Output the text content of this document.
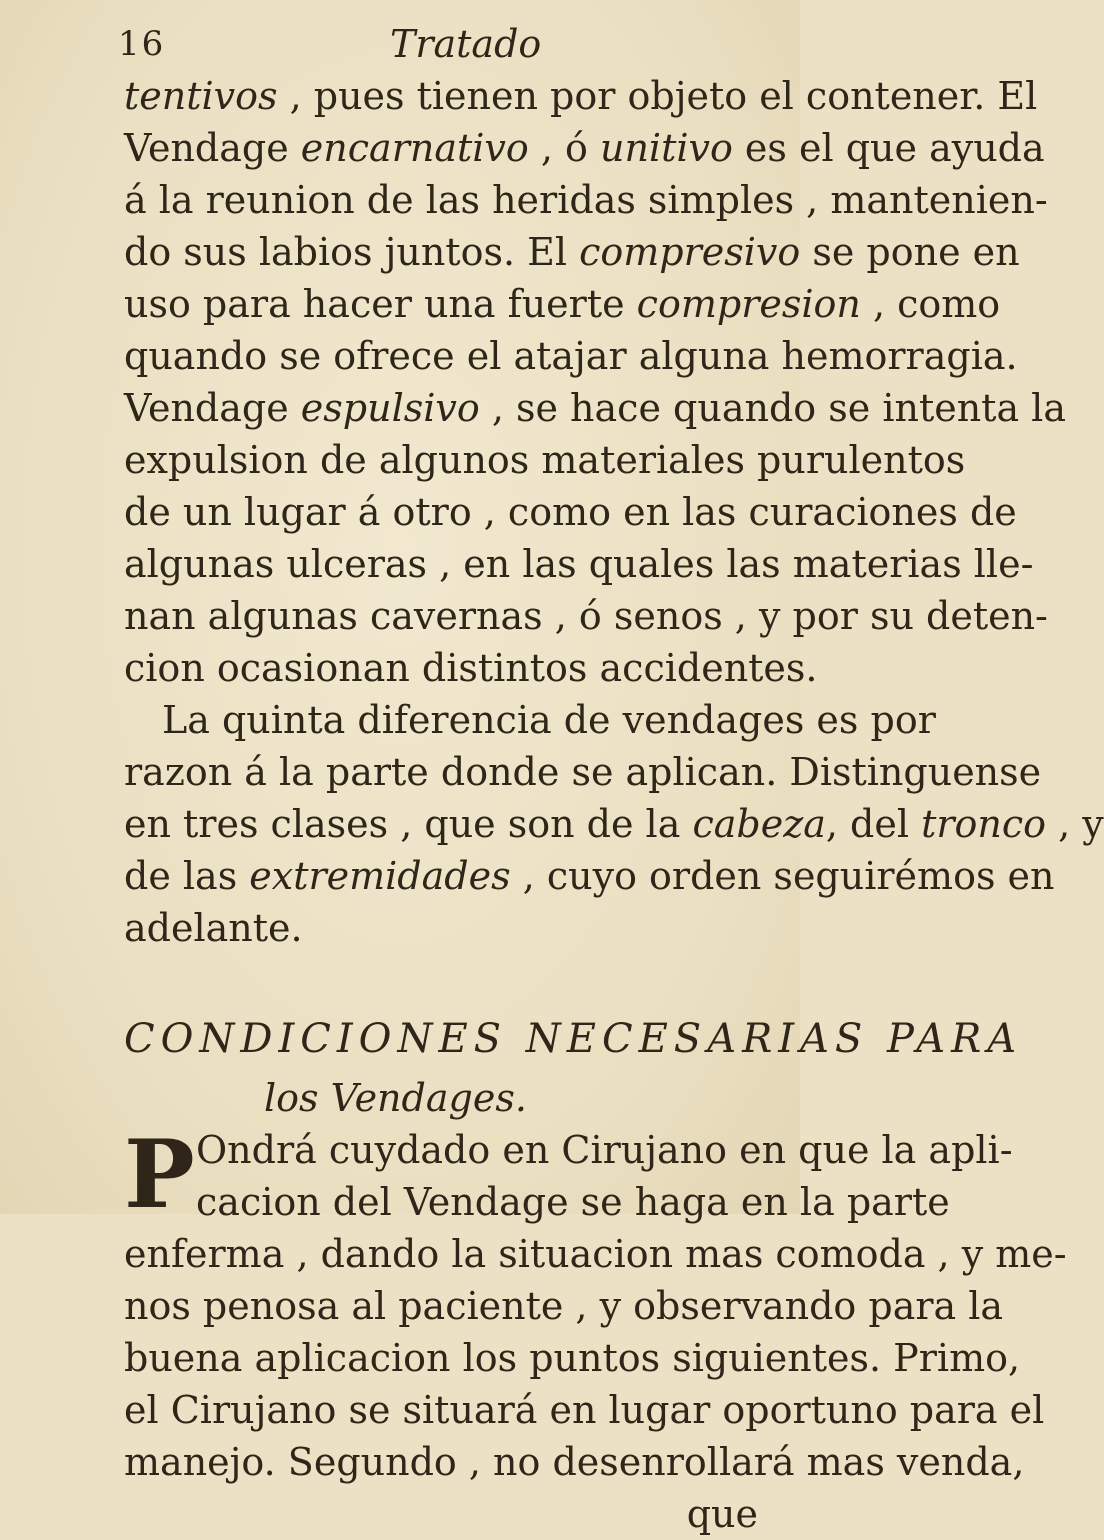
16	Tratado
tentivos , pues tienen por objeto el contener. El
Vendage encarnativo , ó unitivo es el que ayuda
á la reunion de las heridas simples , mantenien-
do sus labios juntos. El compresivo se pone en
uso para hacer una fuerte compresion , como
quando se ofrece el atajar alguna hemorragia.
Vendage espulsivo , se hace quando se intenta la
expulsion de algunos materiales purulentos
de un lugar á otro , como en las curaciones de
algunas ulceras , en las quales las materias lle-
nan algunas cavernas , ó senos , y por su deten-
cion ocasionan distintos accidentes.
La quinta diferencia de vendages es por
razon á la parte donde se aplican. Distinguense
en tres clases , que son de la cabeza, del tronco , y
de las extremidades , cuyo orden seguirémos en
adelante.
CONDICIONES NECESARIAS PARA
los Vendages.
P Ondrá cuydado en Cirujano en que la apli-
cacion del Vendage se haga en la parte
enferma , dando la situacion mas comoda , y me-
nos penosa al paciente , y observando para la
buena aplicacion los puntos siguientes. Primo,
el Cirujano se situará en lugar oportuno para el
manejo. Segundo , no desenrollará mas venda,
que
